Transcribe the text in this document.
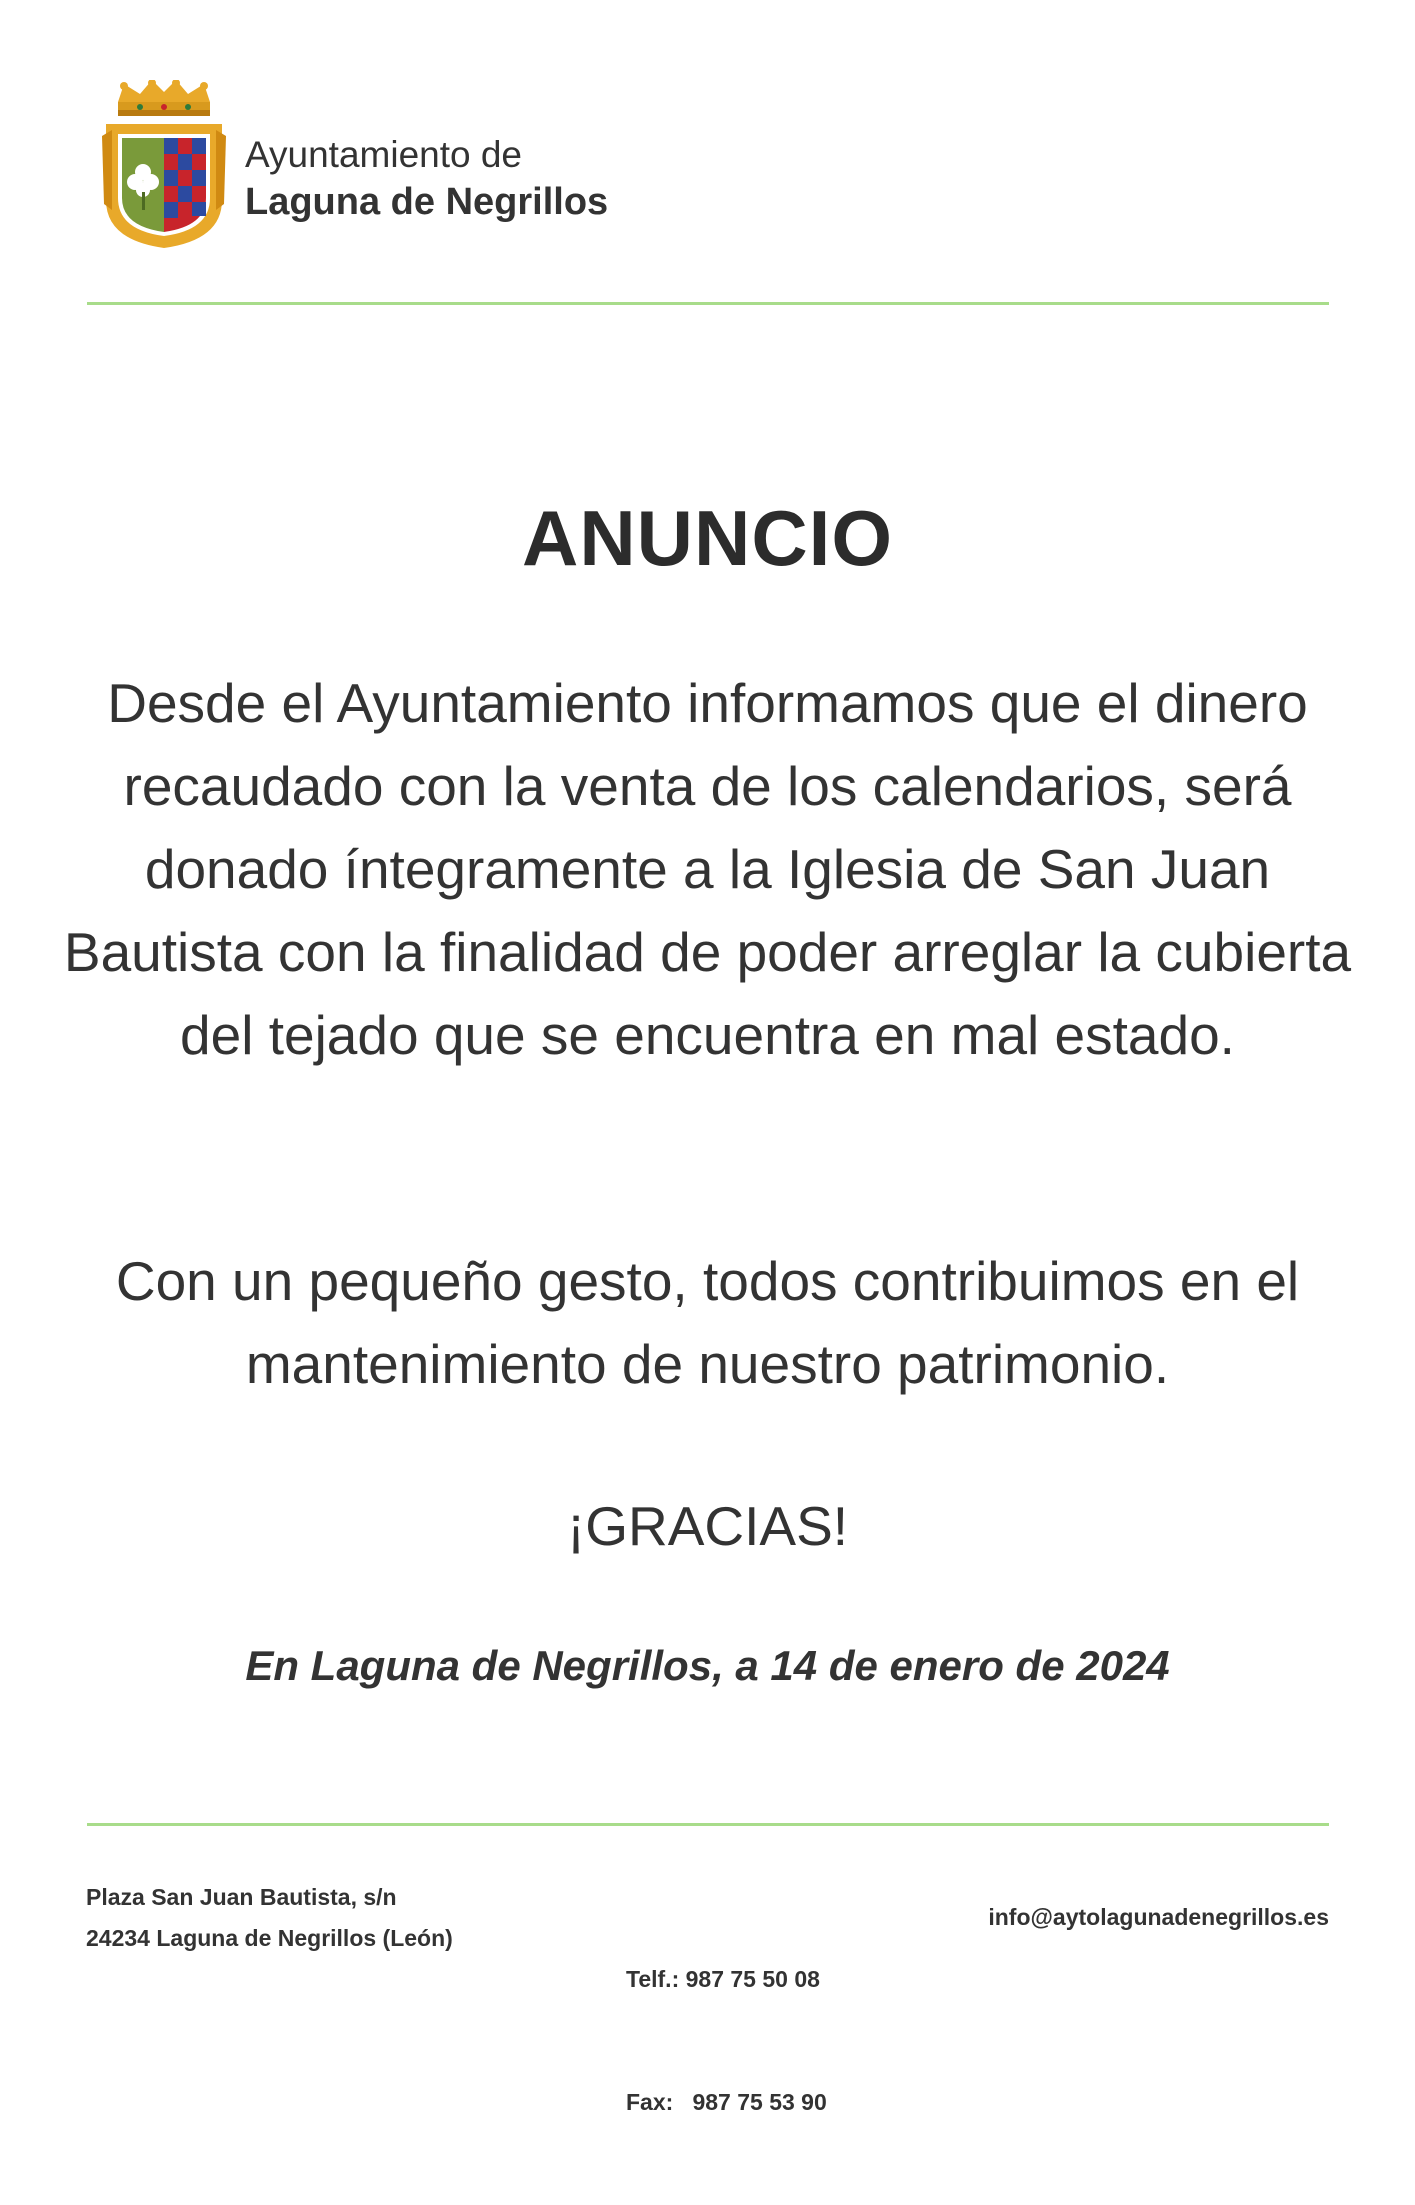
Ayuntamiento de
Laguna de Negrillos
ANUNCIO
Desde el Ayuntamiento informamos que el dinero recaudado con la venta de los calendarios, será donado íntegramente a la Iglesia de San Juan Bautista con la finalidad de poder arreglar la cubierta del tejado que se encuentra en mal estado.
Con un pequeño gesto, todos contribuimos en el mantenimiento de nuestro patrimonio.
¡GRACIAS!
En Laguna de Negrillos, a 14 de enero de 2024
Plaza San Juan Bautista, s/n
24234 Laguna de Negrillos (León)

Telf.: 987 75 50 08

Fax:   987 75 53 90

info@aytolagunadenegrillos.es
